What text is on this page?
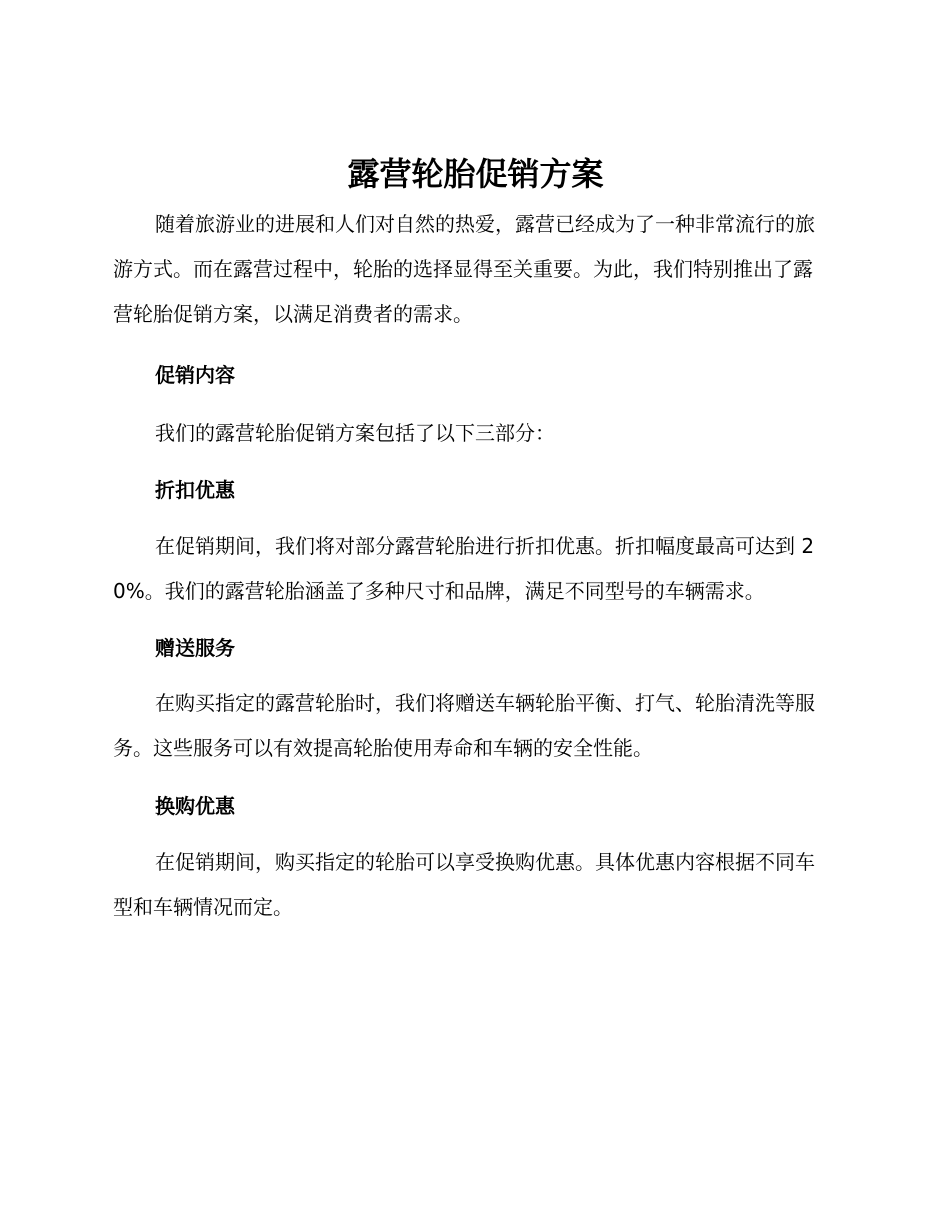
露营轮胎促销方案

随着旅游业的进展和人们对自然的热爱，露营已经成为了一种非常流行的旅游方式。而在露营过程中，轮胎的选择显得至关重要。为此，我们特别推出了露营轮胎促销方案，以满足消费者的需求。

促销内容

我们的露营轮胎促销方案包括了以下三部分：

折扣优惠

在促销期间，我们将对部分露营轮胎进行折扣优惠。折扣幅度最高可达到 20%。我们的露营轮胎涵盖了多种尺寸和品牌，满足不同型号的车辆需求。

赠送服务

在购买指定的露营轮胎时，我们将赠送车辆轮胎平衡、打气、轮胎清洗等服务。这些服务可以有效提高轮胎使用寿命和车辆的安全性能。

换购优惠

在促销期间，购买指定的轮胎可以享受换购优惠。具体优惠内容根据不同车型和车辆情况而定。
